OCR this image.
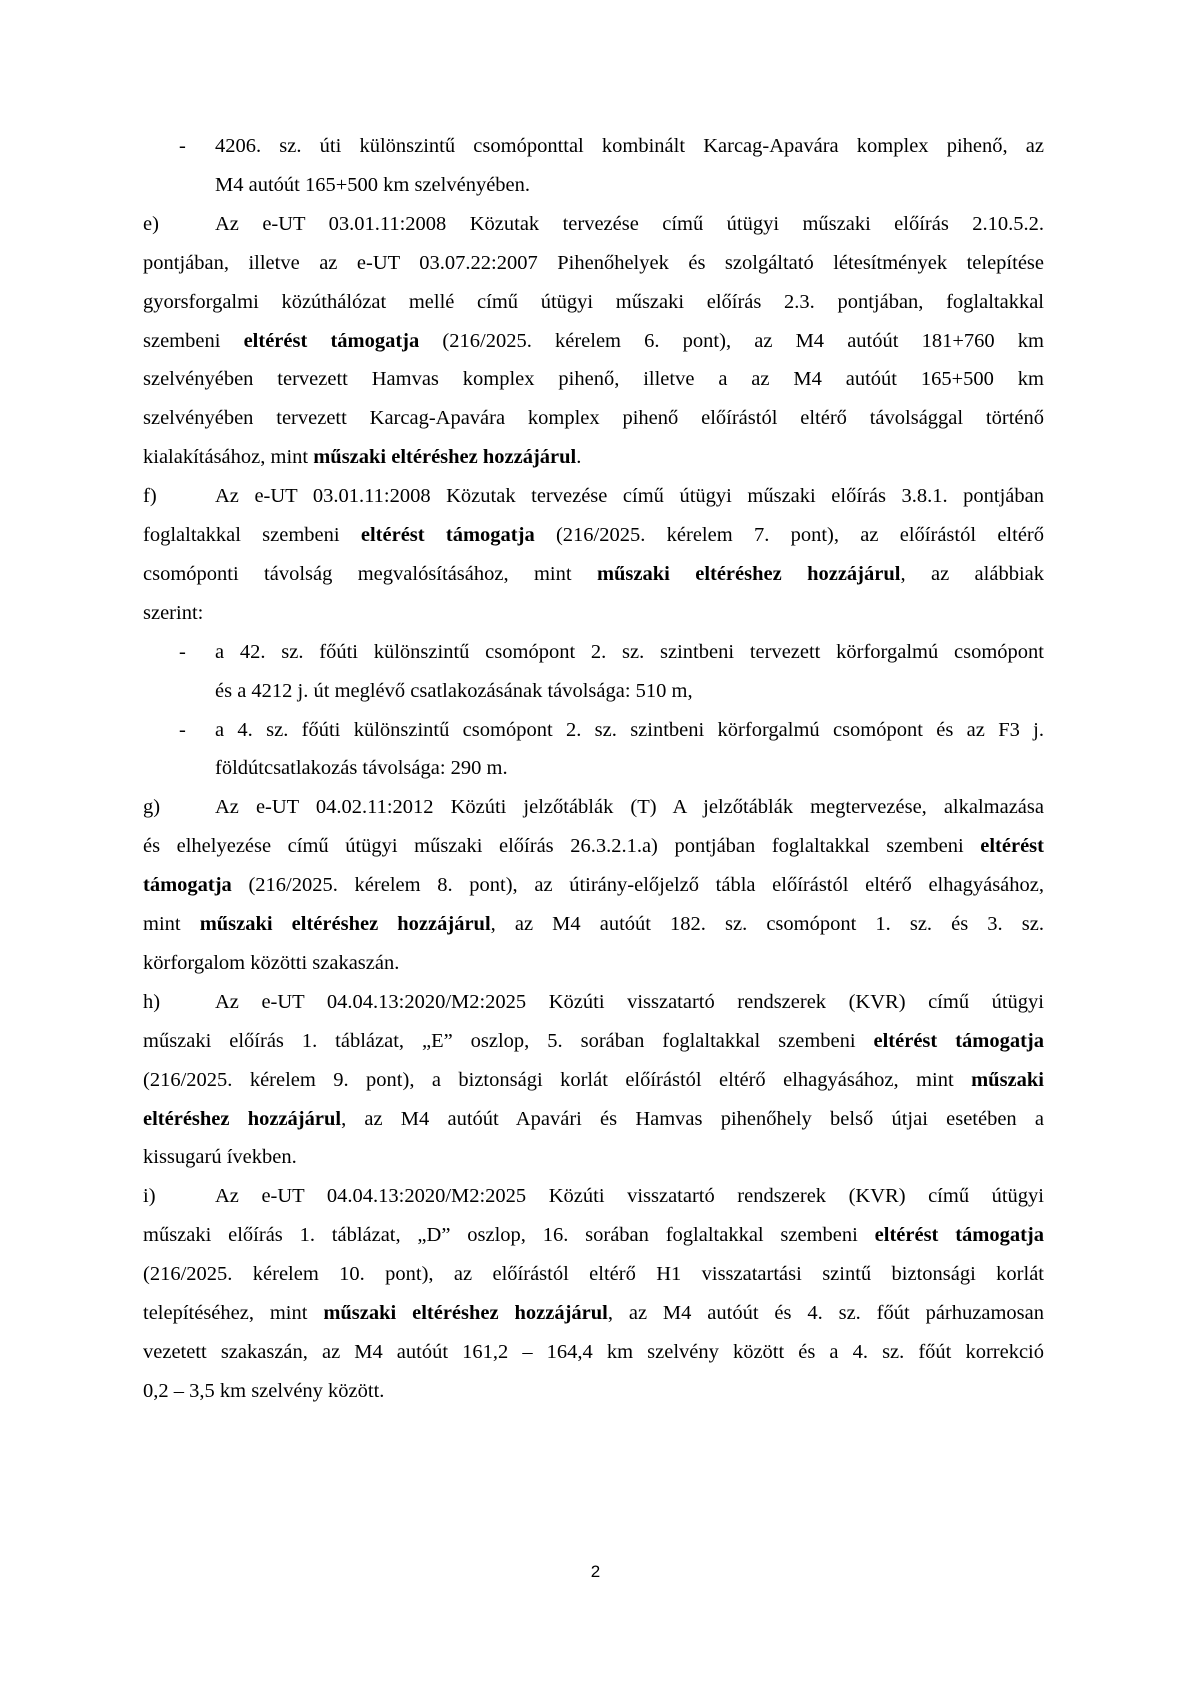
-	4206. sz. úti különszintű csomóponttal kombinált Karcag-Apavára komplex pihenő, az
M4 autóút 165+500 km szelvényében.
e)	Az e-UT 03.01.11:2008 Közutak tervezése című útügyi műszaki előírás 2.10.5.2.
pontjában, illetve az e-UT 03.07.22:2007 Pihenőhelyek és szolgáltató létesítmények telepítése
gyorsforgalmi közúthálózat mellé című útügyi műszaki előírás 2.3. pontjában, foglaltakkal
szembeni eltérést támogatja (216/2025. kérelem 6. pont), az M4 autóút 181+760 km
szelvényében tervezett Hamvas komplex pihenő, illetve a az M4 autóút 165+500 km
szelvényében tervezett Karcag-Apavára komplex pihenő előírástól eltérő távolsággal történő
kialakításához, mint műszaki eltéréshez hozzájárul.
f)	Az e-UT 03.01.11:2008 Közutak tervezése című útügyi műszaki előírás 3.8.1. pontjában
foglaltakkal szembeni eltérést támogatja (216/2025. kérelem 7. pont), az előírástól eltérő
csomóponti távolság megvalósításához, mint műszaki eltéréshez hozzájárul, az alábbiak
szerint:
-	a 42. sz. főúti különszintű csomópont 2. sz. szintbeni tervezett körforgalmú csomópont
és a 4212 j. út meglévő csatlakozásának távolsága: 510 m,
-	a 4. sz. főúti különszintű csomópont 2. sz. szintbeni körforgalmú csomópont és az F3 j.
földútcsatlakozás távolsága: 290 m.
g)	Az e-UT 04.02.11:2012 Közúti jelzőtáblák (T) A jelzőtáblák megtervezése, alkalmazása
és elhelyezése című útügyi műszaki előírás 26.3.2.1.a) pontjában foglaltakkal szembeni eltérést
támogatja (216/2025. kérelem 8. pont), az útirány-előjelző tábla előírástól eltérő elhagyásához,
mint műszaki eltéréshez hozzájárul, az M4 autóút 182. sz. csomópont 1. sz. és 3. sz.
körforgalom közötti szakaszán.
h)	Az e-UT 04.04.13:2020/M2:2025 Közúti visszatartó rendszerek (KVR) című útügyi
műszaki előírás 1. táblázat, „E” oszlop, 5. sorában foglaltakkal szembeni eltérést támogatja
(216/2025. kérelem 9. pont), a biztonsági korlát előírástól eltérő elhagyásához, mint műszaki
eltéréshez hozzájárul, az M4 autóút Apavári és Hamvas pihenőhely belső útjai esetében a
kissugarú ívekben.
i)	Az e-UT 04.04.13:2020/M2:2025 Közúti visszatartó rendszerek (KVR) című útügyi
műszaki előírás 1. táblázat, „D” oszlop, 16. sorában foglaltakkal szembeni eltérést támogatja
(216/2025. kérelem 10. pont), az előírástól eltérő H1 visszatartási szintű biztonsági korlát
telepítéséhez, mint műszaki eltéréshez hozzájárul, az M4 autóút és 4. sz. főút párhuzamosan
vezetett szakaszán, az M4 autóút 161,2 – 164,4 km szelvény között és a 4. sz. főút korrekció
0,2 – 3,5 km szelvény között.
2
